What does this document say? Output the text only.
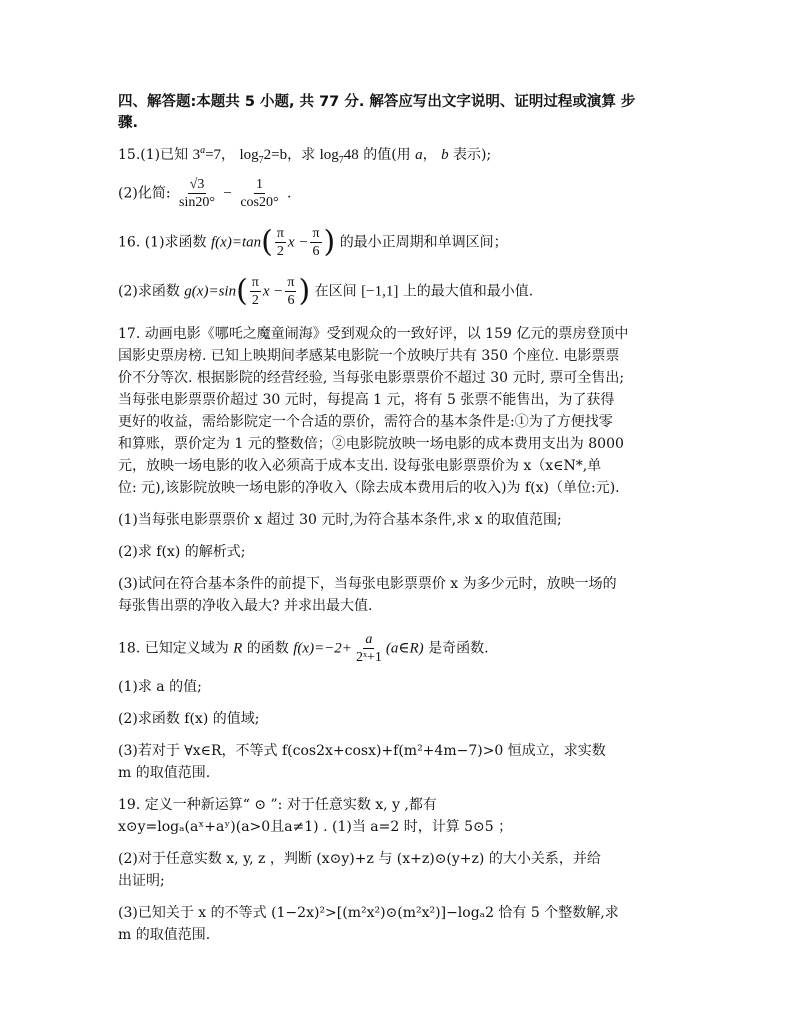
四、解答题:本题共 5 小题, 共 77 分. 解答应写出文字说明、证明过程或演算 步
骤.

15.(1)已知 $3^a=7$， $\log_72=b$，求 $\log_748$ 的值(用 a， b 表示);

(2)化简: $\frac{√3}{\sin 20^\circ} - \frac{1}{\cos 20^\circ}$ .

16. (1)求函数 $f(x)=\tan( \frac{\pi}{2}$ $x - \frac{\pi}{6}$ ) 的最小正周期和单调区间；

(2)求函数 $g(x)=\sin( \frac{\pi}{2}$ $x - \frac{\pi}{6}$ ) 在区间 [−1,1] 上的最大值和最小值.

17. 动画电影《哪吒之魔童闹海》受到观众的一致好评，以 159 亿元的票房登顶中

国影史票房榜. 已知上映期间孝感某电影院一个放映厅共有 350 个座位. 电影票票

价不分等次. 根据影院的经营经验, 当每张电影票票价不超过 30 元时, 票可全售出;

当每张电影票票价超过 30 元时，每提高 1 元，将有 5 张票不能售出，为了获得

更好的收益，需给影院定一个合适的票价，需符合的基本条件是:①为了方便找零

和算账，票价定为 1 元的整数倍；②电影院放映一场电影的成本费用支出为 8000

元，放映一场电影的收入必须高于成本支出. 设每张电影票票价为 x（x∈N*,单

位: 元),该影院放映一场电影的净收入（除去成本费用后的收入)为 f(x)（单位:元).

(1)当每张电影票票价 x 超过 30 元时,为符合基本条件,求 x 的取值范围;

(2)求 f(x) 的解析式;

(3)试问在符合基本条件的前提下，当每张电影票票价 x 为多少元时，放映一场的
每张售出票的净收入最大? 并求出最大值.

18. 已知定义域为 R 的函数 $f(x)=-2+ \frac{a}{\text{2ˣ+1}}$ (a∈R) 是奇函数.

(1)求 a 的值;

(2)求函数 f(x) 的值域;

(3)若对于 ∀x∈R，不等式 f(cos2x+cosx)+f(m²+4m−7)>0 恒成立，求实数
m 的取值范围.

19. 定义一种新运算“ ⊙ ”: 对于任意实数 x, y ,都有
x⊙y=logₐ(aˣ+aʸ)(a>0且a≠1) . (1)当 a=2 时，计算 5⊙5 ；

(2)对于任意实数 x, y, z ，判断 (x⊙y)+z 与 (x+z)⊙(y+z) 的大小关系，并给
出证明;

(3)已知关于 x 的不等式 (1−2x)²>[(m²x²)⊙(m²x²)]−logₐ2 恰有 5 个整数解,求
m 的取值范围.
